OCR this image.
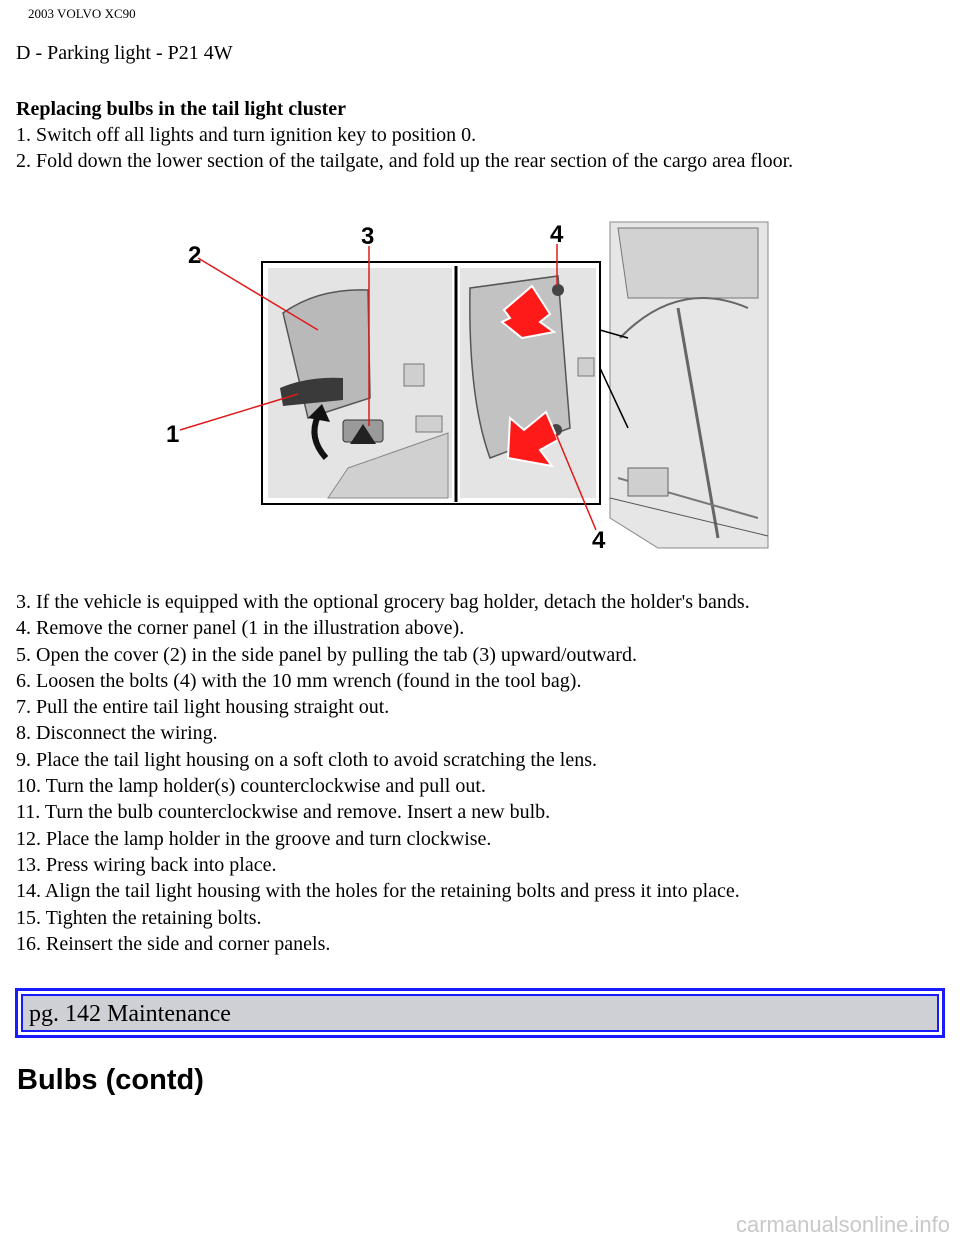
2003 VOLVO XC90
D - Parking light - P21 4W
Replacing bulbs in the tail light cluster
1. Switch off all lights and turn ignition key to position 0.
2. Fold down the lower section of the tailgate, and fold up the rear section of the cargo area floor.
2
3	4
1
4
3. If the vehicle is equipped with the optional grocery bag holder, detach the holder's bands.
4. Remove the corner panel (1 in the illustration above).
5. Open the cover (2) in the side panel by pulling the tab (3) upward/outward.
6. Loosen the bolts (4) with the 10 mm wrench (found in the tool bag).
7. Pull the entire tail light housing straight out.
8. Disconnect the wiring.
9. Place the tail light housing on a soft cloth to avoid scratching the lens.
10. Turn the lamp holder(s) counterclockwise and pull out.
11. Turn the bulb counterclockwise and remove. Insert a new bulb.
12. Place the lamp holder in the groove and turn clockwise.
13. Press wiring back into place.
14. Align the tail light housing with the holes for the retaining bolts and press it into place.
15. Tighten the retaining bolts.
16. Reinsert the side and corner panels.
pg. 142 Maintenance
Bulbs (contd)
carmanualsonline.info
